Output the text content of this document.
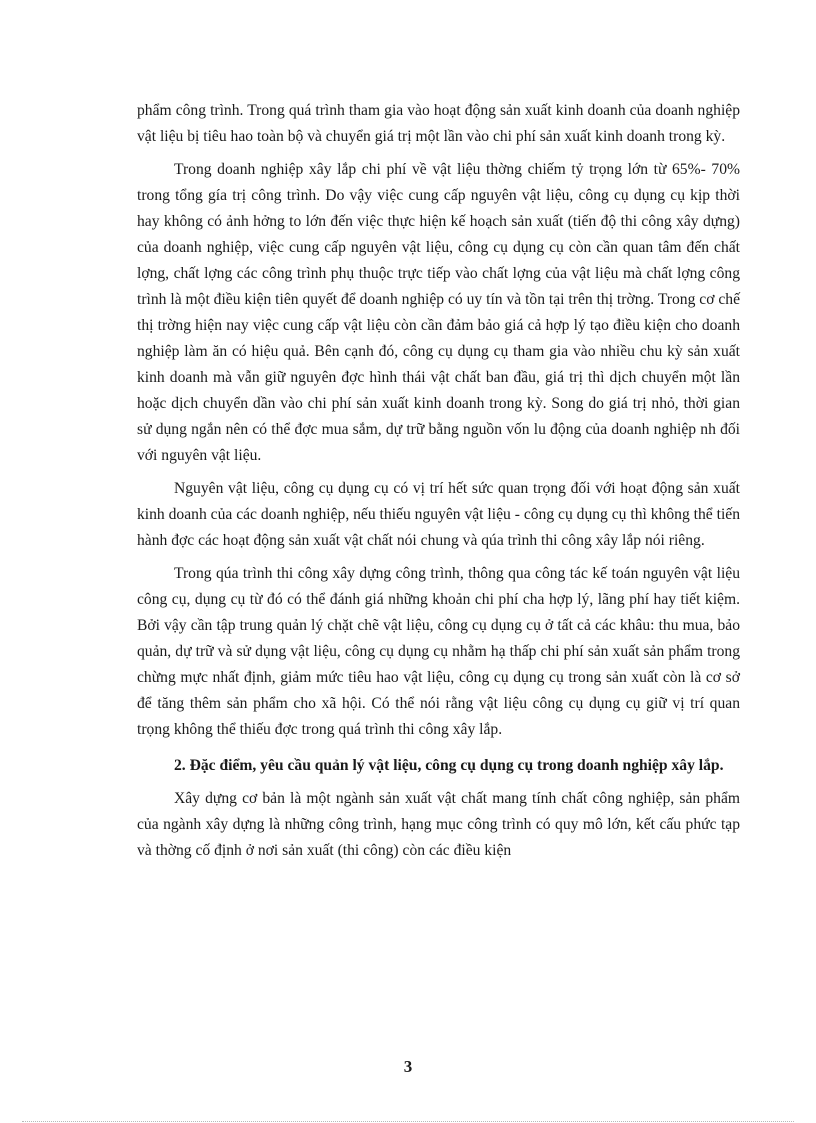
phẩm công trình. Trong quá trình tham gia vào hoạt động sản xuất kinh doanh của doanh nghiệp vật liệu bị tiêu hao toàn bộ và chuyển giá trị một lần vào chi phí sản xuất kinh doanh trong kỳ.

Trong doanh nghiệp xây lắp chi phí về vật liệu thờng chiếm tỷ trọng lớn từ 65%- 70% trong tổng gía trị công trình. Do vậy việc cung cấp nguyên vật liệu, công cụ dụng cụ kịp thời hay không có ảnh hởng to lớn đến việc thực hiện kế hoạch sản xuất (tiến độ thi công xây dựng) của doanh nghiệp, việc cung cấp nguyên vật liệu, công cụ dụng cụ còn cần quan tâm đến chất lợng, chất lợng các công trình phụ thuộc trực tiếp vào chất lợng của vật liệu mà chất lợng công trình là một điều kiện tiên quyết để doanh nghiệp có uy tín và tồn tại trên thị trờng. Trong cơ chế thị trờng hiện nay việc cung cấp vật liệu còn cần đảm bảo giá cả hợp lý tạo điều kiện cho doanh nghiệp làm ăn có hiệu quả. Bên cạnh đó, công cụ dụng cụ tham gia vào nhiều chu kỳ sản xuất kinh doanh mà vẫn giữ nguyên đợc hình thái vật chất ban đầu, giá trị thì dịch chuyển một lần hoặc dịch chuyển dần vào chi phí sản xuất kinh doanh trong kỳ. Song do giá trị nhỏ, thời gian sử dụng ngắn nên có thể đợc mua sắm, dự trữ bằng nguồn vốn lu động của doanh nghiệp nh đối với nguyên vật liệu.

Nguyên vật liệu, công cụ dụng cụ có vị trí hết sức quan trọng đối với hoạt động sản xuất kinh doanh của các doanh nghiệp, nếu thiếu nguyên vật liệu - công cụ dụng cụ thì không thể tiến hành đợc các hoạt động sản xuất vật chất nói chung và qúa trình thi công xây lắp nói riêng.

Trong qúa trình thi công xây dựng công trình, thông qua công tác kế toán nguyên vật liệu công cụ, dụng cụ từ đó có thể đánh giá những khoản chi phí cha hợp lý, lãng phí hay tiết kiệm. Bởi vậy cần tập trung quản lý chặt chẽ vật liệu, công cụ dụng cụ ở tất cả các khâu: thu mua, bảo quản, dự trữ và sử dụng vật liệu, công cụ dụng cụ nhằm hạ thấp chi phí sản xuất sản phẩm trong chừng mực nhất định, giảm mức tiêu hao vật liệu, công cụ dụng cụ trong sản xuất còn là cơ sở để tăng thêm sản phẩm cho xã hội. Có thể nói rằng vật liệu công cụ dụng cụ giữ vị trí quan trọng không thể thiếu đợc trong quá trình thi công xây lắp.

2. Đặc điểm, yêu cầu quản lý vật liệu, công cụ dụng cụ trong doanh nghiệp xây lắp.

Xây dựng cơ bản là một ngành sản xuất vật chất mang tính chất công nghiệp, sản phẩm của ngành xây dựng là những công trình, hạng mục công trình có quy mô lớn, kết cấu phức tạp và thờng cố định ở nơi sản xuất (thi công) còn các điều kiện

3
